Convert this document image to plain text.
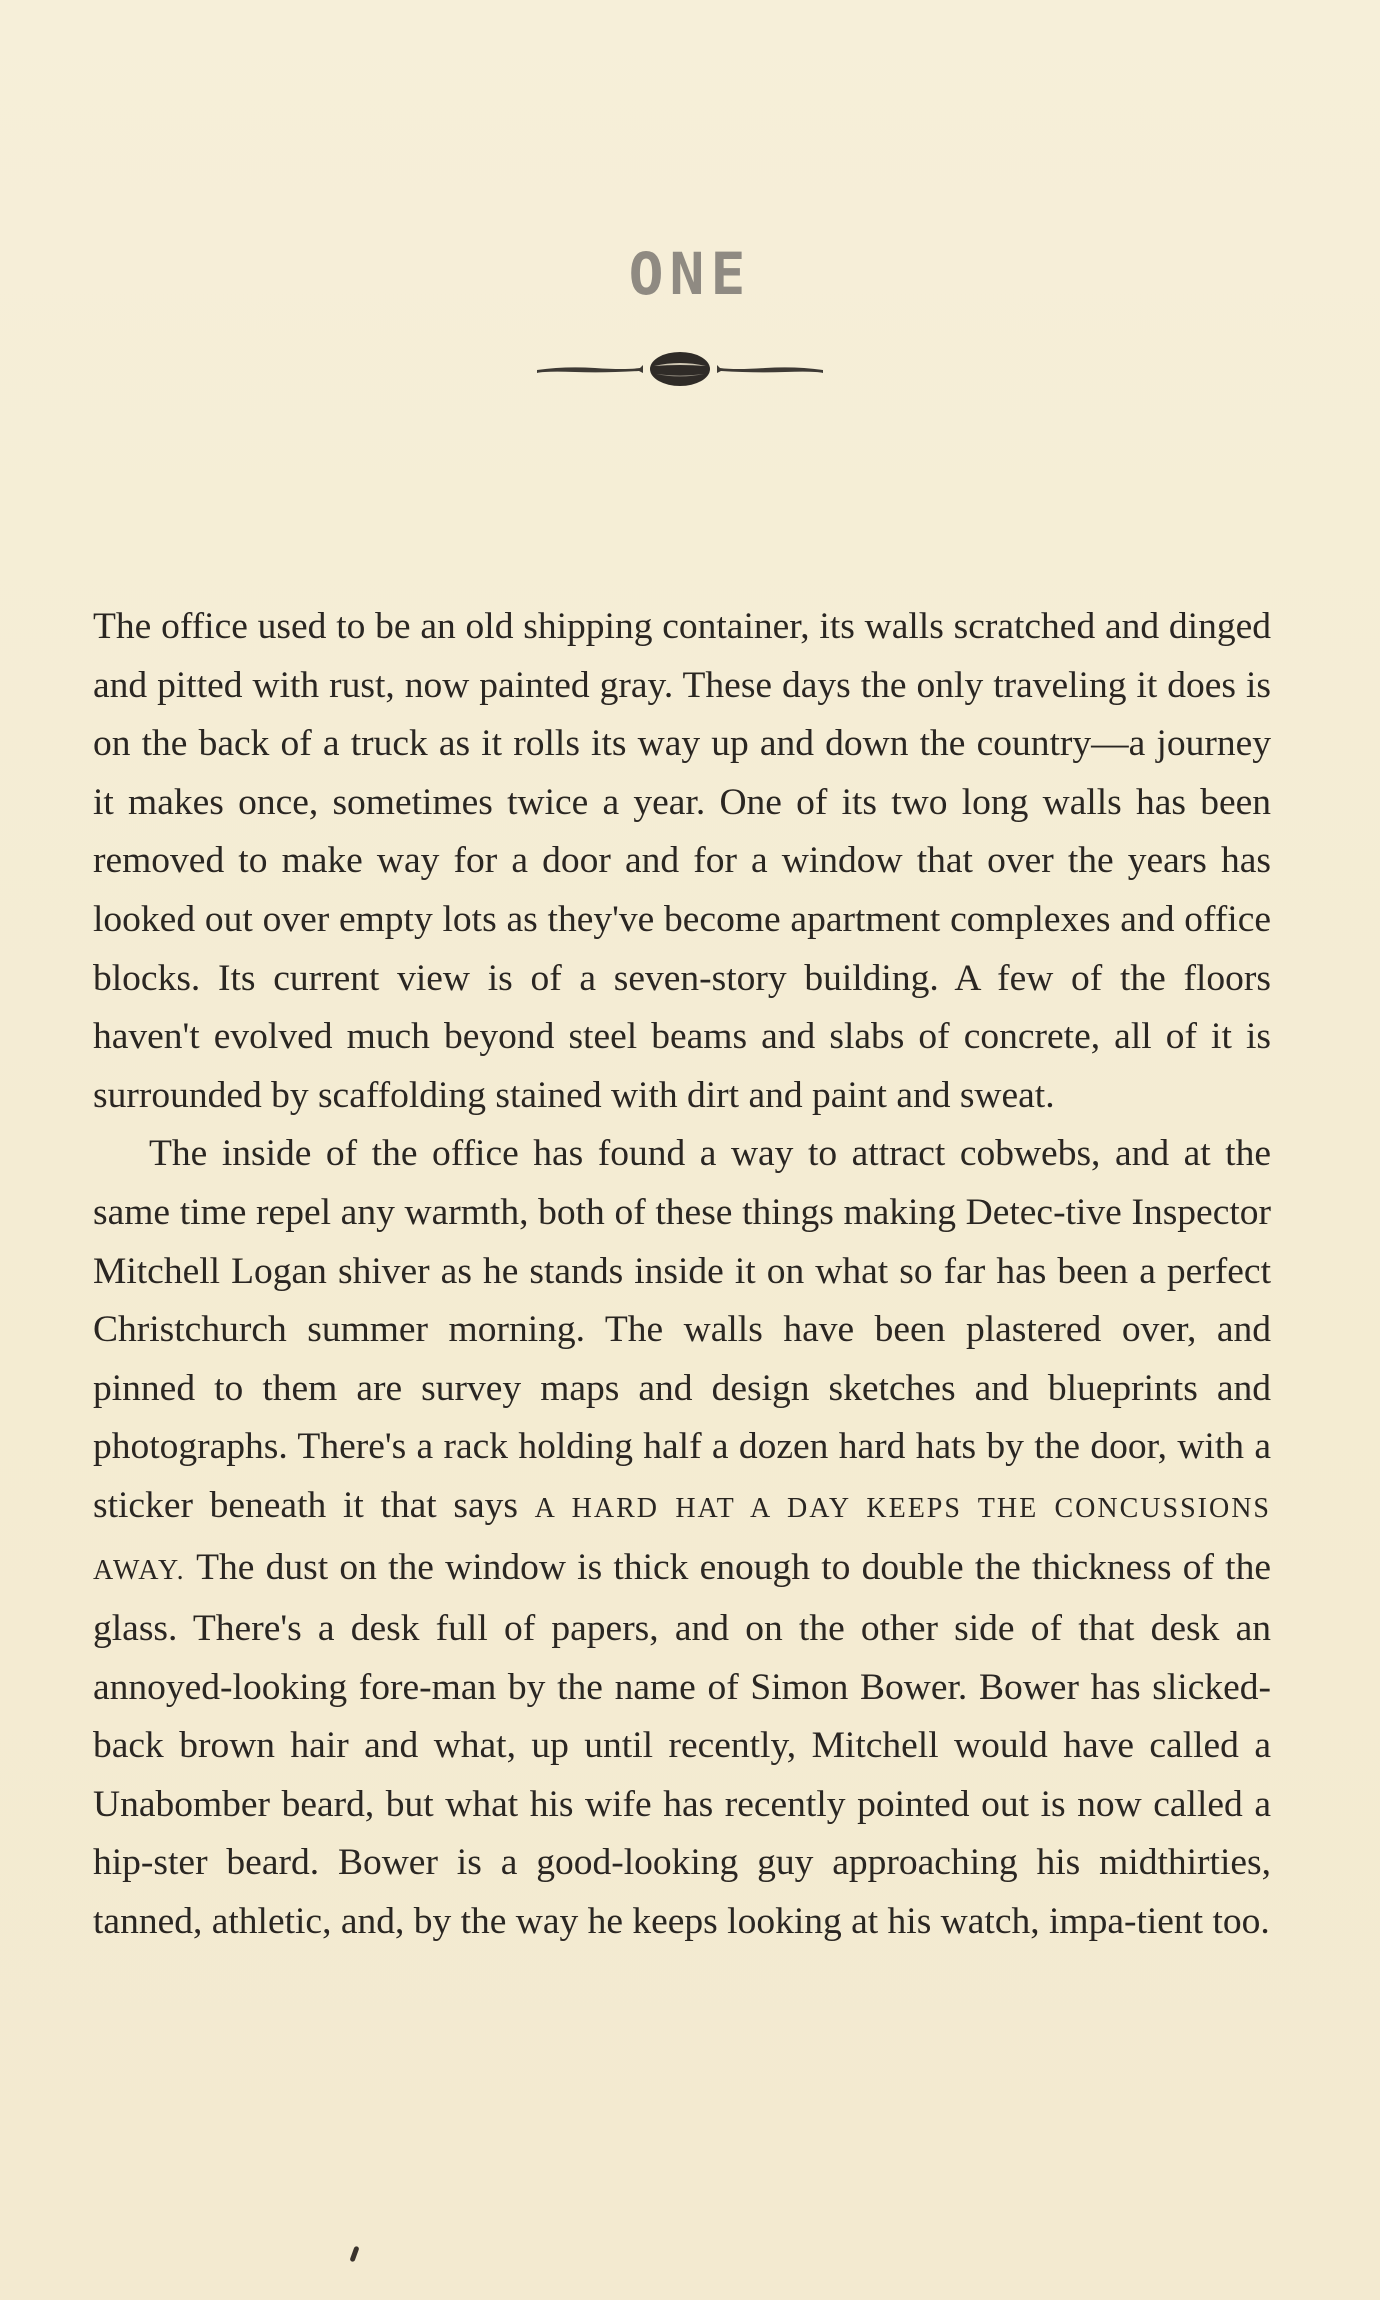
ONE

The office used to be an old shipping container, its walls scratched and dinged and pitted with rust, now painted gray. These days the only traveling it does is on the back of a truck as it rolls its way up and down the country—a journey it makes once, sometimes twice a year. One of its two long walls has been removed to make way for a door and for a window that over the years has looked out over empty lots as they've become apartment complexes and office blocks. Its current view is of a seven-story building. A few of the floors haven't evolved much beyond steel beams and slabs of concrete, all of it is surrounded by scaffolding stained with dirt and paint and sweat.

The inside of the office has found a way to attract cobwebs, and at the same time repel any warmth, both of these things making Detec-tive Inspector Mitchell Logan shiver as he stands inside it on what so far has been a perfect Christchurch summer morning. The walls have been plastered over, and pinned to them are survey maps and design sketches and blueprints and photographs. There's a rack holding half a dozen hard hats by the door, with a sticker beneath it that says A HARD HAT A DAY KEEPS THE CONCUSSIONS AWAY. The dust on the window is thick enough to double the thickness of the glass. There's a desk full of papers, and on the other side of that desk an annoyed-looking fore-man by the name of Simon Bower. Bower has slicked-back brown hair and what, up until recently, Mitchell would have called a Unabomber beard, but what his wife has recently pointed out is now called a hip-ster beard. Bower is a good-looking guy approaching his midthirties, tanned, athletic, and, by the way he keeps looking at his watch, impa-tient too.
